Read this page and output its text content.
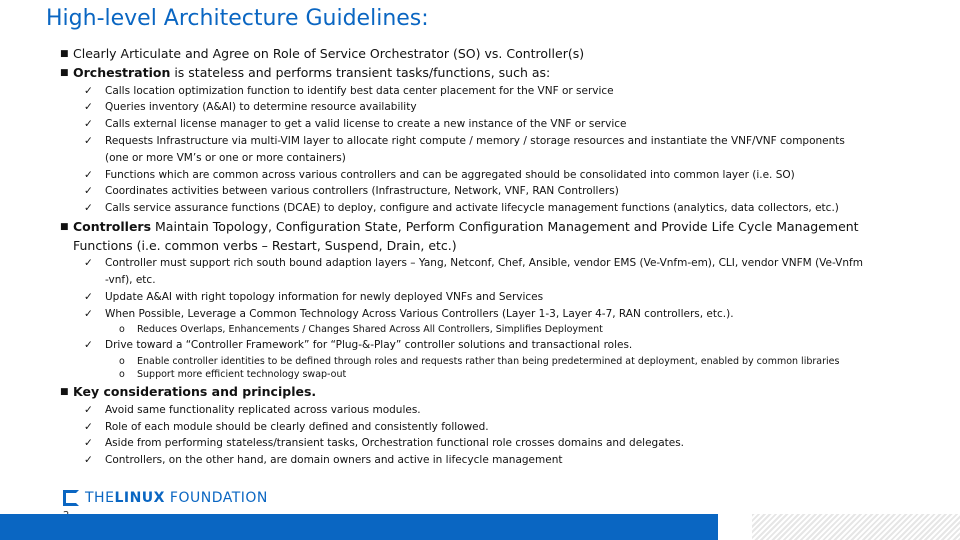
High-level Architecture Guidelines:
■ Clearly Articulate and Agree on Role of Service Orchestrator (SO) vs. Controller(s)
■ Orchestration is stateless and performs transient tasks/functions, such as:
✓ Calls location optimization function to identify best data center placement for the VNF or service
✓ Queries inventory (A&AI) to determine resource availability
✓ Calls external license manager to get a valid license to create a new instance of the VNF or service
✓ Requests Infrastructure via multi-VIM layer to allocate right compute / memory / storage resources and instantiate the VNF/VNF components
(one or more VM’s or one or more containers)
✓ Functions which are common across various controllers and can be aggregated should be consolidated into common layer (i.e. SO)
✓ Coordinates activities between various controllers (Infrastructure, Network, VNF, RAN Controllers)
✓ Calls service assurance functions (DCAE) to deploy, configure and activate lifecycle management functions (analytics, data collectors, etc.)
■ Controllers Maintain Topology, Configuration State, Perform Configuration Management and Provide Life Cycle Management
Functions (i.e. common verbs – Restart, Suspend, Drain, etc.)
✓ Controller must support rich south bound adaption layers – Yang, Netconf, Chef, Ansible, vendor EMS (Ve-Vnfm-em), CLI, vendor VNFM (Ve-Vnfm
-vnf), etc.
✓ Update A&AI with right topology information for newly deployed VNFs and Services
✓ When Possible, Leverage a Common Technology Across Various Controllers (Layer 1-3, Layer 4-7, RAN controllers, etc.).
o Reduces Overlaps, Enhancements / Changes Shared Across All Controllers, Simplifies Deployment
✓ Drive toward a “Controller Framework” for “Plug-&-Play” controller solutions and transactional roles.
o Enable controller identities to be defined through roles and requests rather than being predetermined at deployment, enabled by common libraries
o Support more efficient technology swap-out
■ Key considerations and principles.
✓ Avoid same functionality replicated across various modules.
✓ Role of each module should be clearly defined and consistently followed.
✓ Aside from performing stateless/transient tasks, Orchestration functional role crosses domains and delegates.
✓ Controllers, on the other hand, are domain owners and active in lifecycle management
THELINUX FOUNDATION
